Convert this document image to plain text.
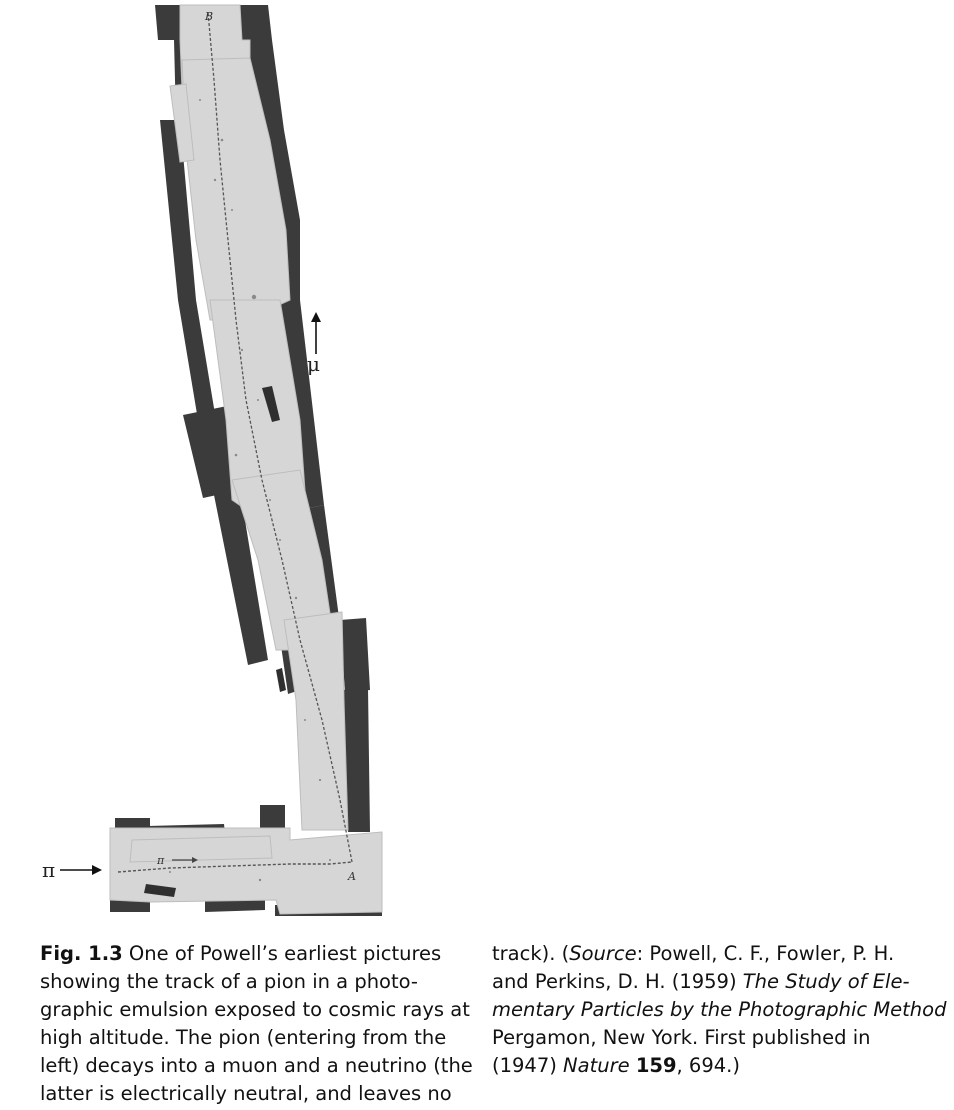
π
B
A
π
μ
Fig. 1.3 One of Powell’s earliest pictures
showing the track of a pion in a photo-
graphic emulsion exposed to cosmic rays at
high altitude. The pion (entering from the
left) decays into a muon and a neutrino (the
latter is electrically neutral, and leaves no
track). (Source: Powell, C. F., Fowler, P. H.
and Perkins, D. H. (1959) The Study of Ele-
mentary Particles by the Photographic Method
Pergamon, New York. First published in
(1947) Nature 159, 694.)
